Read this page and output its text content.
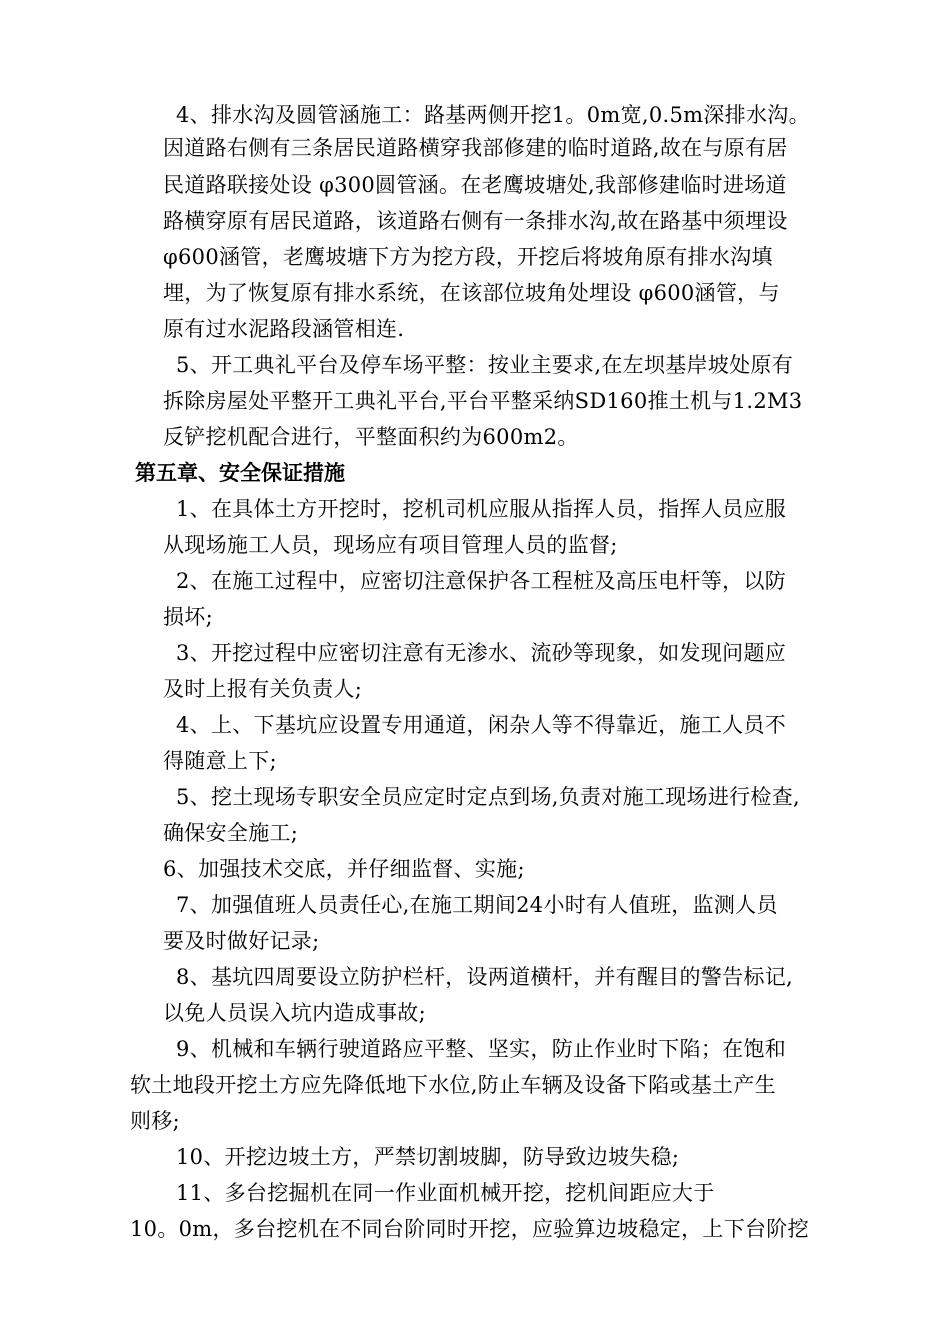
4、排水沟及圆管涵施工：路基两侧开挖1。0m宽,0.5m深排水沟。
因道路右侧有三条居民道路横穿我部修建的临时道路,故在与原有居
民道路联接处设 φ300圆管涵。在老鹰坡塘处,我部修建临时进场道
路横穿原有居民道路，该道路右侧有一条排水沟,故在路基中须埋设
φ600涵管，老鹰坡塘下方为挖方段，开挖后将坡角原有排水沟填
埋，为了恢复原有排水系统，在该部位坡角处埋设 φ600涵管，与
原有过水泥路段涵管相连.
5、开工典礼平台及停车场平整：按业主要求,在左坝基岸坡处原有
拆除房屋处平整开工典礼平台,平台平整采纳SD160推土机与1.2M3
反铲挖机配合进行，平整面积约为600m2。
第五章、安全保证措施
1、在具体土方开挖时，挖机司机应服从指挥人员，指挥人员应服
从现场施工人员，现场应有项目管理人员的监督;
2、在施工过程中，应密切注意保护各工程桩及高压电杆等，以防
损坏;
3、开挖过程中应密切注意有无渗水、流砂等现象，如发现问题应
及时上报有关负责人;
4、上、下基坑应设置专用通道，闲杂人等不得靠近，施工人员不
得随意上下;
5、挖土现场专职安全员应定时定点到场,负责对施工现场进行检查,
确保安全施工;
6、加强技术交底，并仔细监督、实施;
7、加强值班人员责任心,在施工期间24小时有人值班，监测人员
要及时做好记录;
8、基坑四周要设立防护栏杆，设两道横杆，并有醒目的警告标记,
以免人员误入坑内造成事故;
9、机械和车辆行驶道路应平整、坚实，防止作业时下陷；在饱和
软土地段开挖土方应先降低地下水位,防止车辆及设备下陷或基土产生
则移;
10、开挖边坡土方，严禁切割坡脚，防导致边坡失稳;
11、多台挖掘机在同一作业面机械开挖，挖机间距应大于
10。0m，多台挖机在不同台阶同时开挖，应验算边坡稳定，上下台阶挖
